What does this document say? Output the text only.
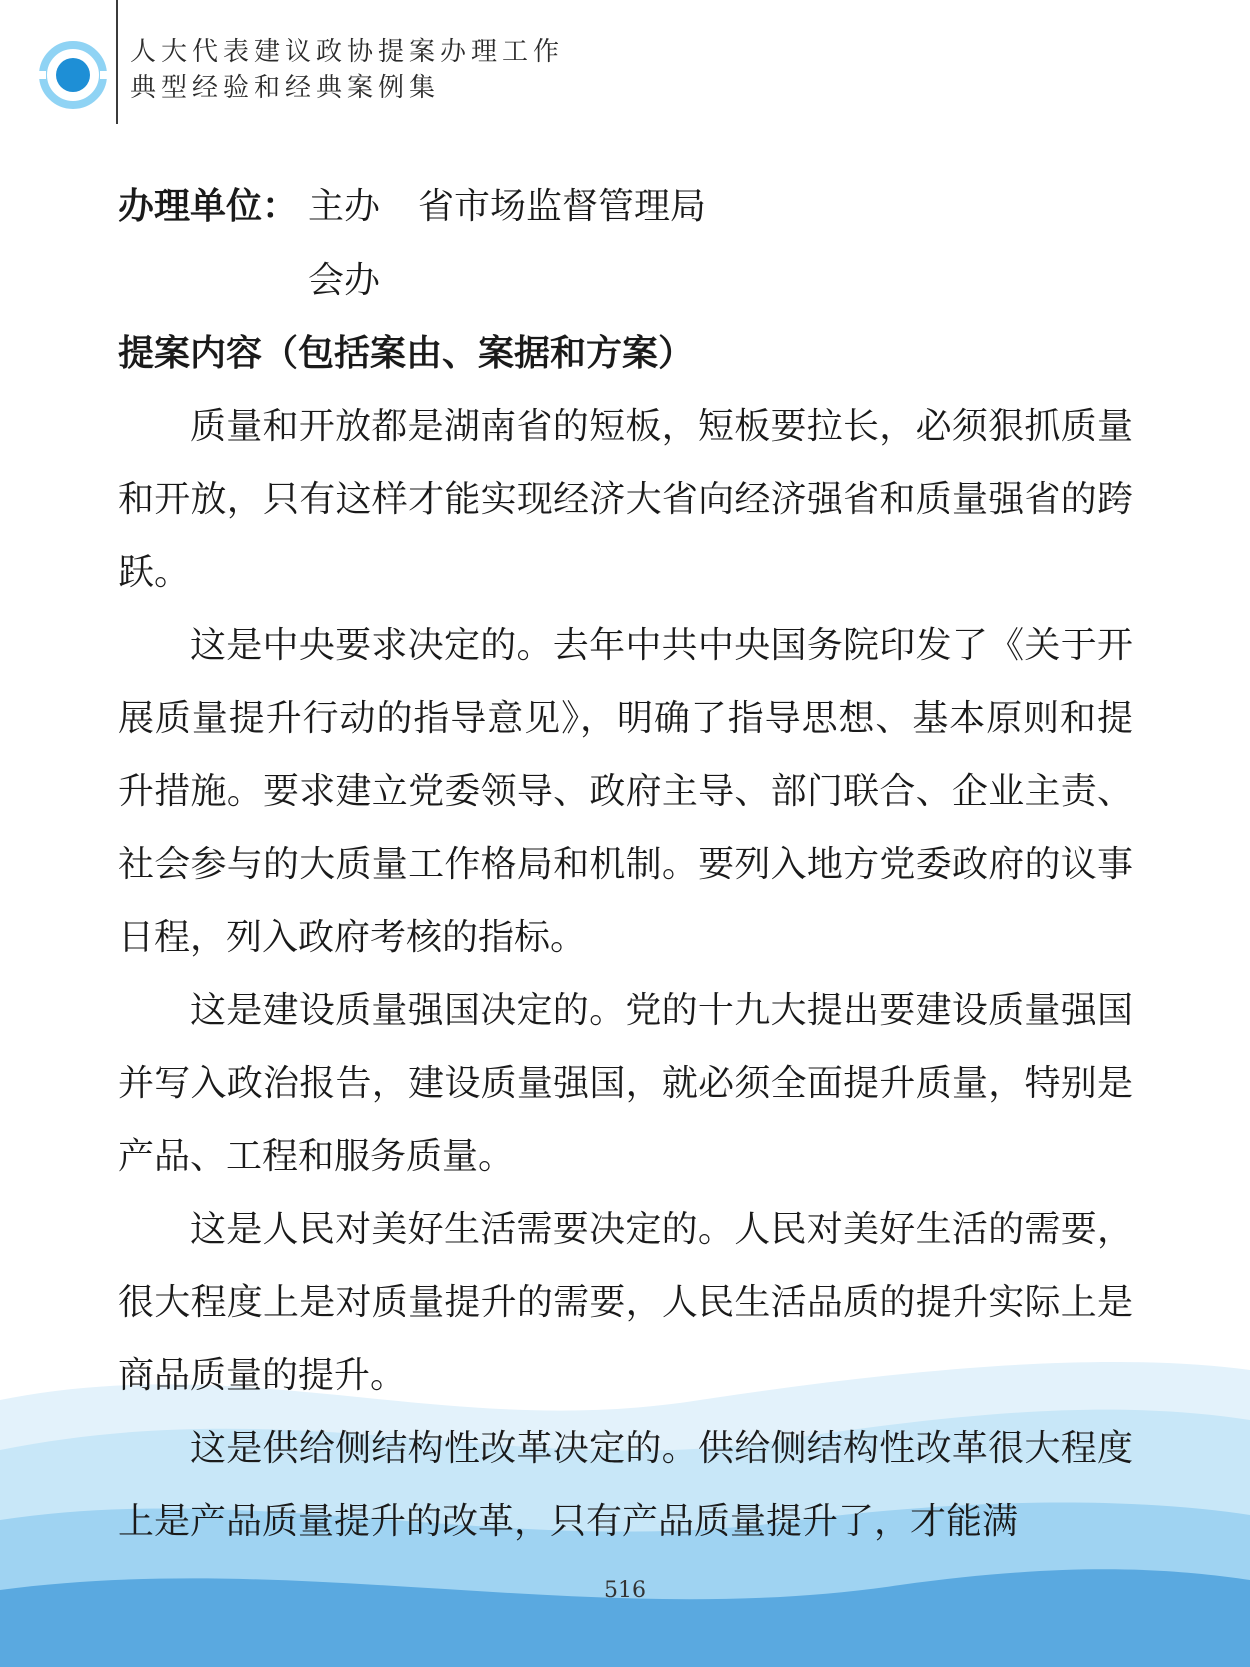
人大代表建议政协提案办理工作
典型经验和经典案例集
办理单位： 主办 省市场监督管理局
会办
提案内容（包括案由、案据和方案）

质量和开放都是湖南省的短板，短板要拉长，必须狠抓质量和开放，只有这样才能实现经济大省向经济强省和质量强省的跨跃。

这是中央要求决定的。去年中共中央国务院印发了《关于开展质量提升行动的指导意见》，明确了指导思想、基本原则和提升措施。要求建立党委领导、政府主导、部门联合、企业主责、社会参与的大质量工作格局和机制。要列入地方党委政府的议事日程，列入政府考核的指标。

这是建设质量强国决定的。党的十九大提出要建设质量强国并写入政治报告，建设质量强国，就必须全面提升质量，特别是产品、工程和服务质量。

这是人民对美好生活需要决定的。人民对美好生活的需要，很大程度上是对质量提升的需要，人民生活品质的提升实际上是商品质量的提升。

这是供给侧结构性改革决定的。供给侧结构性改革很大程度上是产品质量提升的改革，只有产品质量提升了，才能满

516
